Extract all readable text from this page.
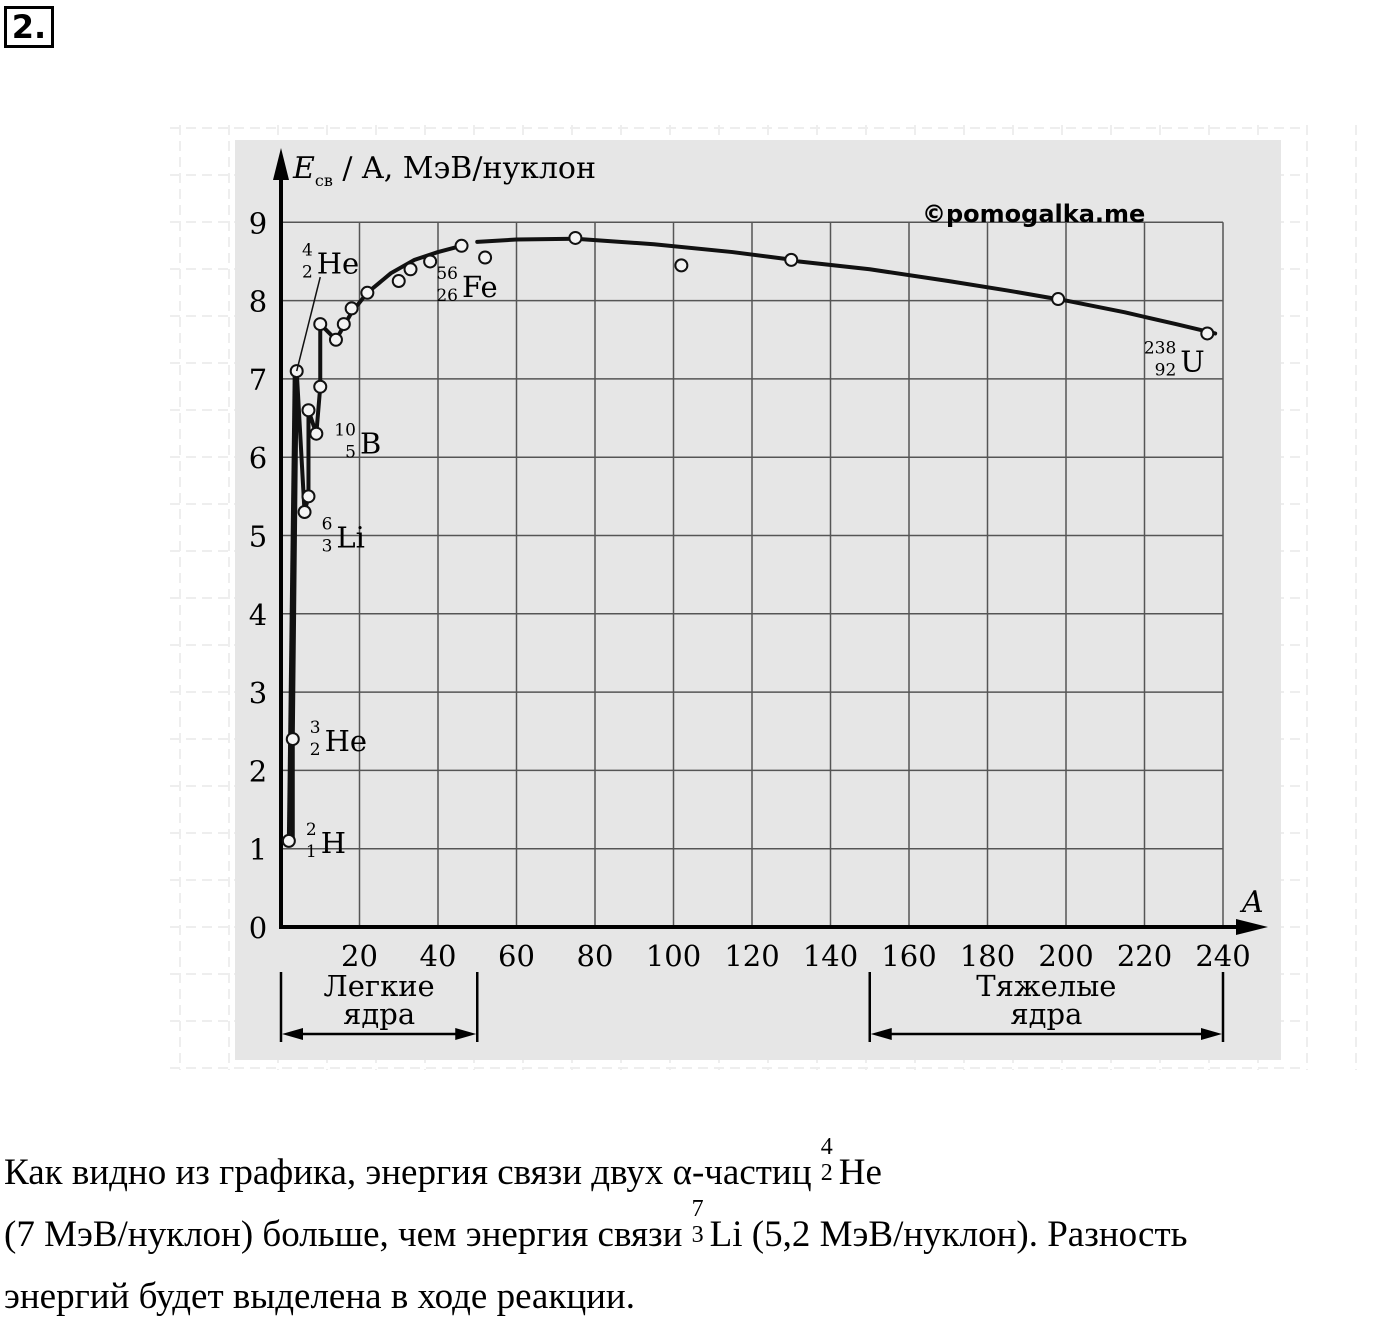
2.
$E_{св}$ / A, МэВ/нуклон
A
20 40 60 80 100 120 140 160 180 200 220 240
0
1
2
3
4
5
6
7
8
9
2
1 H
3
2 He
4
2 He
6
3 Li
10
5 B
56
26 Fe
238
92 U
Легкие
ядра
Тяжелые
ядра
©pomogalka.me
Как видно из графика, энергия связи двух α-частиц
4
2 He
(7 МэВ/нуклон) больше, чем энергия связи
7
3 Li (5,2 МэВ/нуклон). Разность
энергий будет выделена в ходе реакции.
